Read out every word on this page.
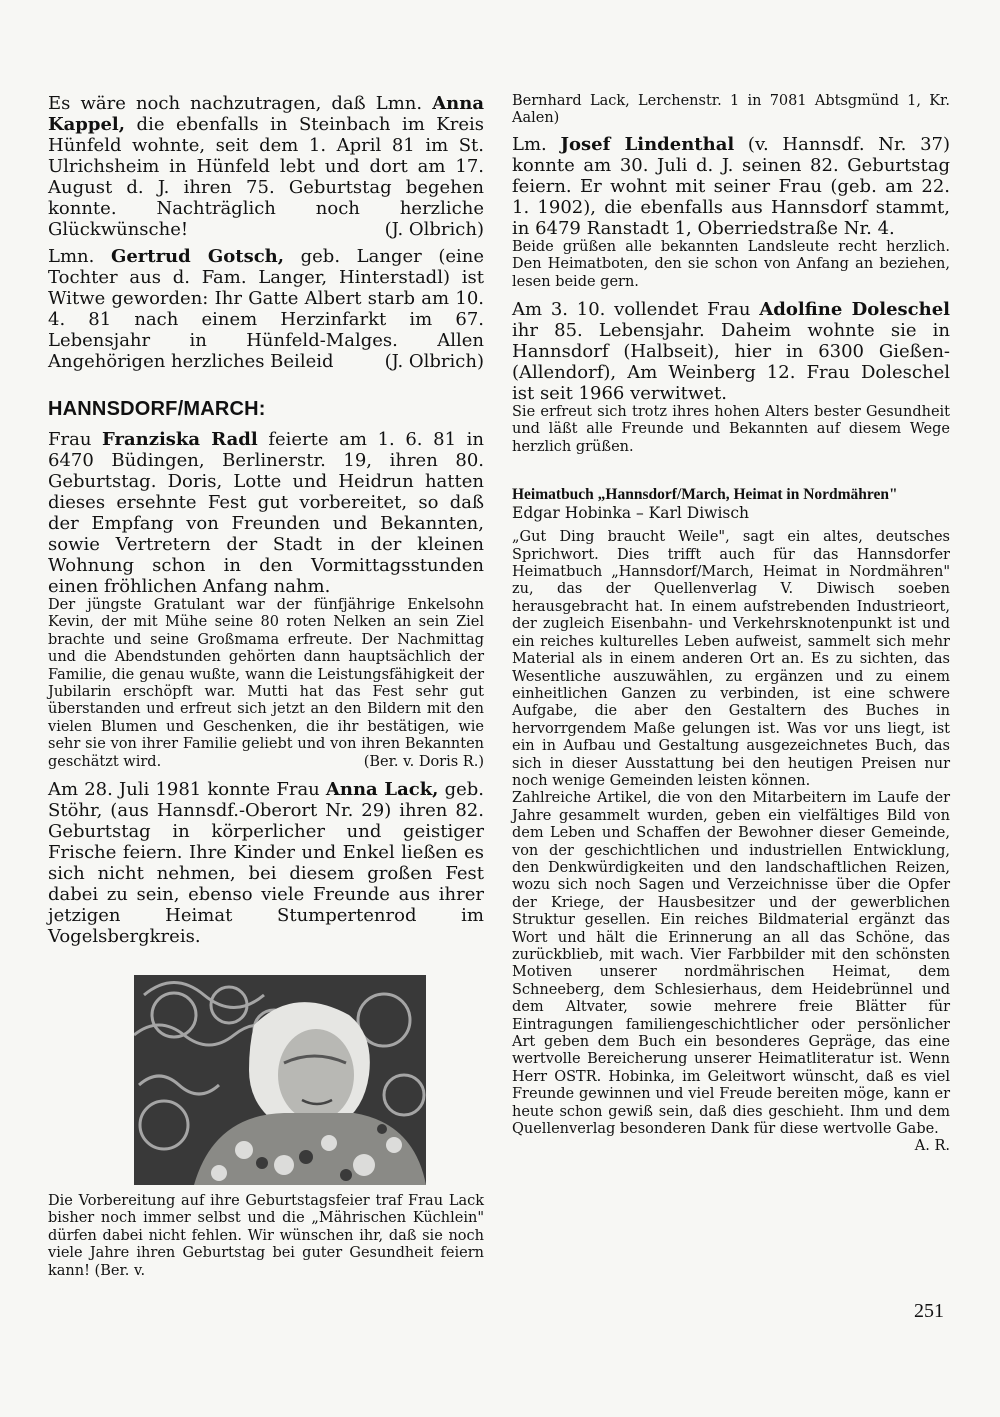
Es wäre noch nachzutragen, daß Lmn. Anna Kappel, die ebenfalls in Steinbach im Kreis Hünfeld wohnte, seit dem 1. April 81 im St. Ulrichsheim in Hünfeld lebt und dort am 17. August d. J. ihren 75. Geburtstag begehen konnte. Nachträglich noch herzliche Glückwünsche!	(J. Olbrich)

Lmn. Gertrud Gotsch, geb. Langer (eine Tochter aus d. Fam. Langer, Hinterstadl) ist Witwe geworden: Ihr Gatte Albert starb am 10. 4. 81 nach einem Herzinfarkt im 67. Lebensjahr in Hünfeld-Malges. Allen Angehörigen herzliches Beileid	(J. Olbrich)

HANNSDORF/MARCH:

Frau Franziska Radl feierte am 1. 6. 81 in 6470 Büdingen, Berlinerstr. 19, ihren 80. Geburtstag. Doris, Lotte und Heidrun hatten dieses ersehnte Fest gut vorbereitet, so daß der Empfang von Freunden und Bekannten, sowie Vertretern der Stadt in der kleinen Wohnung schon in den Vormittagsstunden einen fröhlichen Anfang nahm.

Der jüngste Gratulant war der fünfjährige Enkelsohn Kevin, der mit Mühe seine 80 roten Nelken an sein Ziel brachte und seine Großmama erfreute. Der Nachmittag und die Abendstunden gehörten dann hauptsächlich der Familie, die genau wußte, wann die Leistungsfähigkeit der Jubilarin erschöpft war. Mutti hat das Fest sehr gut überstanden und erfreut sich jetzt an den Bildern mit den vielen Blumen und Geschenken, die ihr bestätigen, wie sehr sie von ihrer Familie geliebt und von ihren Bekannten geschätzt wird.	(Ber. v. Doris R.)

Am 28. Juli 1981 konnte Frau Anna Lack, geb. Stöhr, (aus Hannsdf.-Oberort Nr. 29) ihren 82. Geburtstag in körperlicher und geistiger Frische feiern. Ihre Kinder und Enkel ließen es sich nicht nehmen, bei diesem großen Fest dabei zu sein, ebenso viele Freunde aus ihrer jetzigen Heimat Stumpertenrod im Vogelsbergkreis.

Die Vorbereitung auf ihre Geburtstagsfeier traf Frau Lack bisher noch immer selbst und die „Mährischen Küchlein" dürfen dabei nicht fehlen. Wir wünschen ihr, daß sie noch viele Jahre ihren Geburtstag bei guter Gesundheit feiern kann! (Ber. v.

Bernhard Lack, Lerchenstr. 1 in 7081 Abtsgmünd 1, Kr. Aalen)

Lm. Josef Lindenthal (v. Hannsdf. Nr. 37) konnte am 30. Juli d. J. seinen 82. Geburtstag feiern. Er wohnt mit seiner Frau (geb. am 22. 1. 1902), die ebenfalls aus Hannsdorf stammt, in 6479 Ranstadt 1, Oberriedstraße Nr. 4.

Beide grüßen alle bekannten Landsleute recht herzlich. Den Heimatboten, den sie schon von Anfang an beziehen, lesen beide gern.

Am 3. 10. vollendet Frau Adolfine Doleschel ihr 85. Lebensjahr. Daheim wohnte sie in Hannsdorf (Halbseit), hier in 6300 Gießen-(Allendorf), Am Weinberg 12. Frau Doleschel ist seit 1966 verwitwet.

Sie erfreut sich trotz ihres hohen Alters bester Gesundheit und läßt alle Freunde und Bekannten auf diesem Wege herzlich grüßen.

Heimatbuch „Hannsdorf/March, Heimat in Nordmähren"

Edgar Hobinka – Karl Diwisch

„Gut Ding braucht Weile", sagt ein altes, deutsches Sprichwort. Dies trifft auch für das Hannsdorfer Heimatbuch „Hannsdorf/March, Heimat in Nordmähren" zu, das der Quellenverlag V. Diwisch soeben herausgebracht hat. In einem aufstrebenden Industrieort, der zugleich Eisenbahn- und Verkehrsknotenpunkt ist und ein reiches kulturelles Leben aufweist, sammelt sich mehr Material als in einem anderen Ort an. Es zu sichten, das Wesentliche auszuwählen, zu ergänzen und zu einem einheitlichen Ganzen zu verbinden, ist eine schwere Aufgabe, die aber den Gestaltern des Buches in hervorrgendem Maße gelungen ist. Was vor uns liegt, ist ein in Aufbau und Gestaltung ausgezeichnetes Buch, das sich in dieser Ausstattung bei den heutigen Preisen nur noch wenige Gemeinden leisten können.

Zahlreiche Artikel, die von den Mitarbeitern im Laufe der Jahre gesammelt wurden, geben ein vielfältiges Bild von dem Leben und Schaffen der Bewohner dieser Gemeinde, von der geschichtlichen und industriellen Entwicklung, den Denkwürdigkeiten und den landschaftlichen Reizen, wozu sich noch Sagen und Verzeichnisse über die Opfer der Kriege, der Hausbesitzer und der gewerblichen Struktur gesellen. Ein reiches Bildmaterial ergänzt das Wort und hält die Erinnerung an all das Schöne, das zurückblieb, mit wach. Vier Farbbilder mit den schönsten Motiven unserer nordmährischen Heimat, dem Schneeberg, dem Schlesierhaus, dem Heidebrünnel und dem Altvater, sowie mehrere freie Blätter für Eintragungen familiengeschichtlicher oder persönlicher Art geben dem Buch ein besonderes Gepräge, das eine wertvolle Bereicherung unserer Heimatliteratur ist. Wenn Herr OSTR. Hobinka, im Geleitwort wünscht, daß es viel Freunde gewinnen und viel Freude bereiten möge, kann er heute schon gewiß sein, daß dies geschieht. Ihm und dem Quellenverlag besonderen Dank für diese wertvolle Gabe.
A. R.

251
